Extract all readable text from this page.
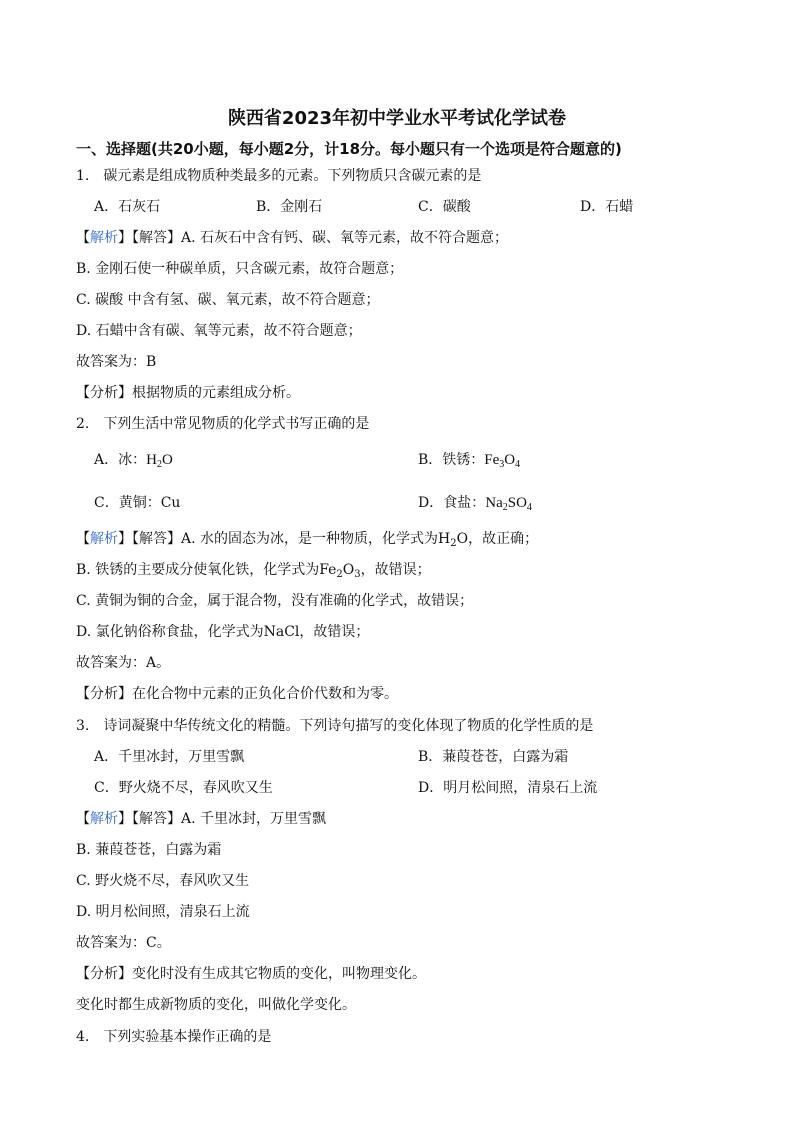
陕西省2023年初中学业水平考试化学试卷
一、选择题(共20小题，每小题2分，计18分。每小题只有一个选项是符合题意的)
1.　碳元素是组成物质种类最多的元素。下列物质只含碳元素的是
A．石灰石	B．金刚石	C．碳酸	D．石蜡
【解析】【解答】A. 石灰石中含有钙、碳、氧等元素，故不符合题意；
B. 金刚石使一种碳单质，只含碳元素，故符合题意；
C. 碳酸 中含有氢、碳、氧元素，故不符合题意；
D. 石蜡中含有碳、氧等元素，故不符合题意；
故答案为：B
【分析】根据物质的元素组成分析。
2.　下列生活中常见物质的化学式书写正确的是
A．冰：$H_2O$	B．铁锈：$Fe_3O_4$
C．黄铜：Cu	D．食盐：$Na_2SO_4$
【解析】【解答】A. 水的固态为冰，是一种物质，化学式为$H_2O$，故正确；
B. 铁锈的主要成分使氧化铁，化学式为$Fe_2O_3$，故错误；
C. 黄铜为铜的合金，属于混合物，没有准确的化学式，故错误；
D. 氯化钠俗称食盐，化学式为NaCl，故错误；
故答案为：A。
【分析】在化合物中元素的正负化合价代数和为零。
3.　诗词凝聚中华传统文化的精髓。下列诗句描写的变化体现了物质的化学性质的是
A．千里冰封，万里雪飘	B．蒹葭苍苍，白露为霜
C．野火烧不尽，春风吹又生	D．明月松间照，清泉石上流
【解析】【解答】A. 千里冰封，万里雪飘
B. 蒹葭苍苍，白露为霜
C. 野火烧不尽，春风吹又生
D. 明月松间照，清泉石上流
故答案为：C。
【分析】变化时没有生成其它物质的变化，叫物理变化。
变化时都生成新物质的变化，叫做化学变化。
4.　下列实验基本操作正确的是
